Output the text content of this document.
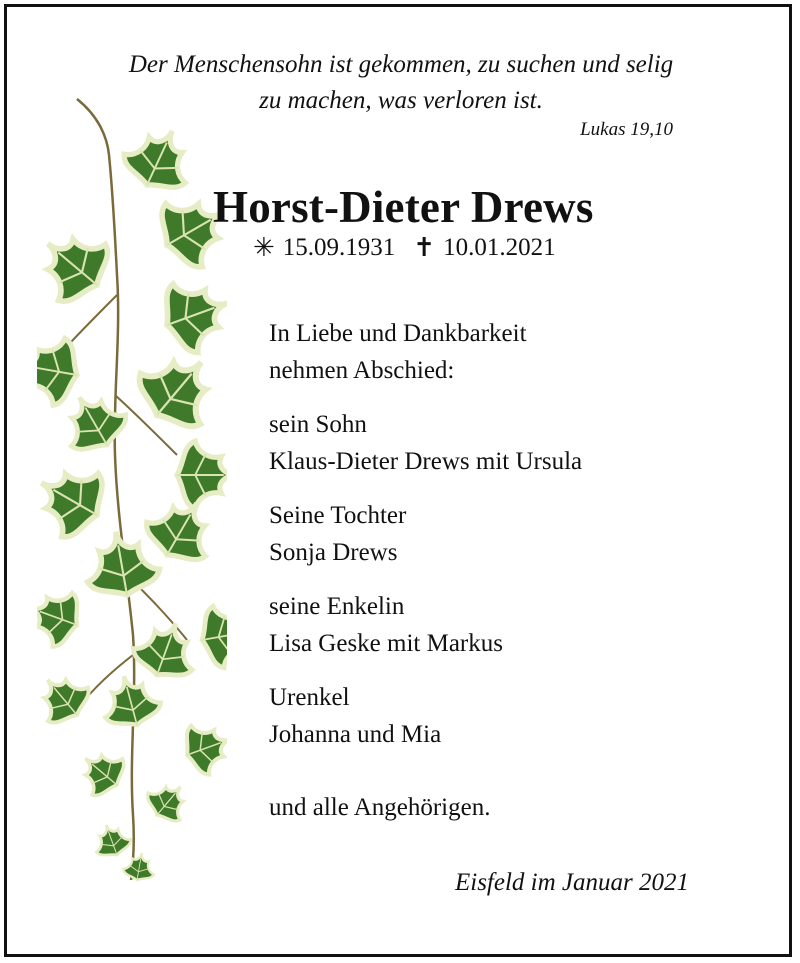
Der Menschensohn ist gekommen, zu suchen und selig
zu machen, was verloren ist.
Lukas 19,10
Horst-Dieter Drews
✳ 15.09.1931 ✝ 10.01.2021
In Liebe und Dankbarkeit
nehmen Abschied:
sein Sohn
Klaus-Dieter Drews mit Ursula
Seine Tochter
Sonja Drews
seine Enkelin
Lisa Geske mit Markus
Urenkel
Johanna und Mia
und alle Angehörigen.
Eisfeld im Januar 2021
